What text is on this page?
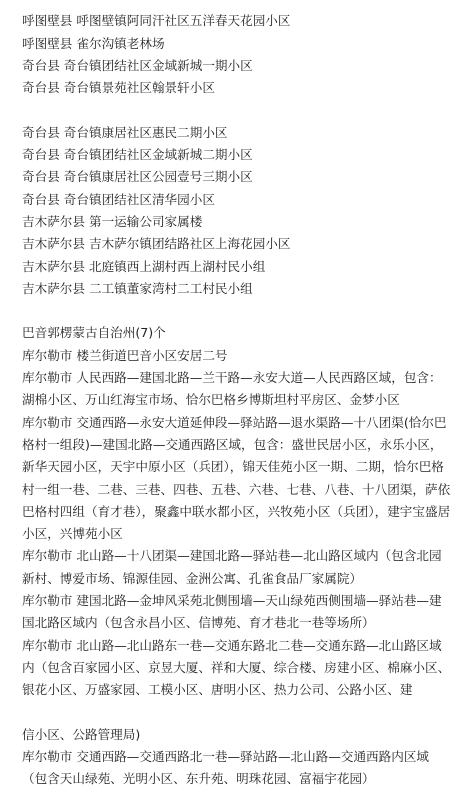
呼图壁县 呼图壁镇阿同汗社区五洋春天花园小区
呼图壁县 雀尔沟镇老林场
奇台县 奇台镇团结社区金域新城一期小区
奇台县 奇台镇景苑社区翰景轩小区
奇台县 奇台镇康居社区惠民二期小区
奇台县 奇台镇团结社区金域新城二期小区
奇台县 奇台镇康居社区公园壹号三期小区
奇台县 奇台镇团结社区清华园小区
吉木萨尔县 第一运输公司家属楼
吉木萨尔县 吉木萨尔镇团结路社区上海花园小区
吉木萨尔县 北庭镇西上湖村西上湖村民小组
吉木萨尔县 二工镇董家湾村二工村民小组
巴音郭楞蒙古自治州(7)个
库尔勒市 楼兰街道巴音小区安居二号
库尔勒市 人民西路—建国北路—兰干路—永安大道—人民西路区域，包含：湖棉小区、万山红海宝市场、恰尔巴格乡博斯坦村平房区、金梦小区
库尔勒市 交通西路—永安大道延伸段—驿站路—退水渠路—十八团渠(恰尔巴格村一组段)—建国北路—交通西路区域，包含：盛世民居小区，永乐小区，新华天园小区，天宇中原小区（兵团），锦天佳苑小区一期、二期，恰尔巴格村一组一巷、二巷、三巷、四巷、五巷、六巷、七巷、八巷、十八团渠，萨依巴格村四组（育才巷），聚鑫中联水都小区，兴牧苑小区（兵团），建宇宝盛居小区，兴博苑小区
库尔勒市 北山路—十八团渠—建国北路—驿站巷—北山路区域内（包含北园新村、博爱市场、锦源佳园、金洲公寓、孔雀食品厂家属院）
库尔勒市 建国北路—金坤风采苑北侧围墙—天山绿苑西侧围墙—驿站巷—建国北路区域内（包含永昌小区、信博苑、育才巷北一巷等场所）
库尔勒市 北山路—北山路东一巷—交通东路北二巷—交通东路—北山路区域内（包含百家园小区、京昱大厦、祥和大厦、综合楼、房建小区、棉麻小区、银花小区、万盛家园、工模小区、唐明小区、热力公司、公路小区、建
信小区、公路管理局)
库尔勒市 交通西路—交通西路北一巷—驿站路—北山路—交通西路内区域（包含天山绿苑、光明小区、东升苑、明珠花园、富福宇花园）
